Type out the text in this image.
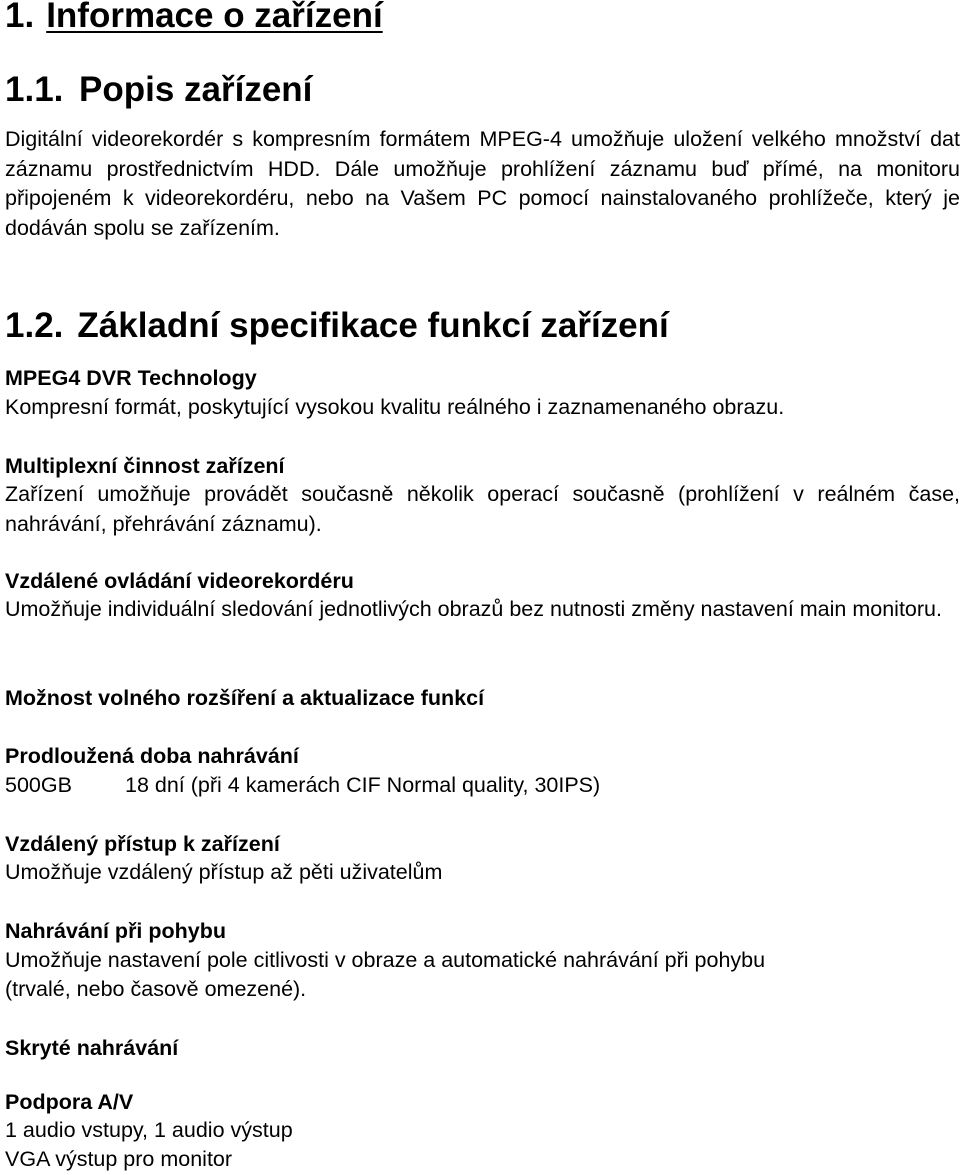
1. Informace o zařízení
1.1. Popis zařízení
Digitální videorekordér s kompresním formátem MPEG-4 umožňuje uložení velkého množství dat záznamu prostřednictvím HDD. Dále umožňuje prohlížení záznamu buď přímé, na monitoru připojeném k videorekordéru, nebo na Vašem PC pomocí nainstalovaného prohlížeče, který je dodáván spolu se zařízením.
1.2. Základní specifikace funkcí zařízení
MPEG4 DVR Technology
Kompresní formát, poskytující vysokou kvalitu reálného i zaznamenaného obrazu.
Multiplexní činnost zařízení
Zařízení umožňuje provádět současně několik operací současně (prohlížení v reálném čase, nahrávání, přehrávání záznamu).
Vzdálené ovládání videorekordéru
Umožňuje individuální sledování jednotlivých obrazů bez nutnosti změny nastavení main monitoru.
Možnost volného rozšíření a aktualizace funkcí
Prodloužená doba nahrávání
500GB 18 dní (při 4 kamerách CIF Normal quality, 30IPS)
Vzdálený přístup k zařízení
Umožňuje vzdálený přístup až pěti uživatelům
Nahrávání při pohybu
Umožňuje nastavení pole citlivosti v obraze a automatické nahrávání při pohybu
(trvalé, nebo časově omezené).
Skryté nahrávání
Podpora A/V
1 audio vstupy, 1 audio výstup
VGA výstup pro monitor
